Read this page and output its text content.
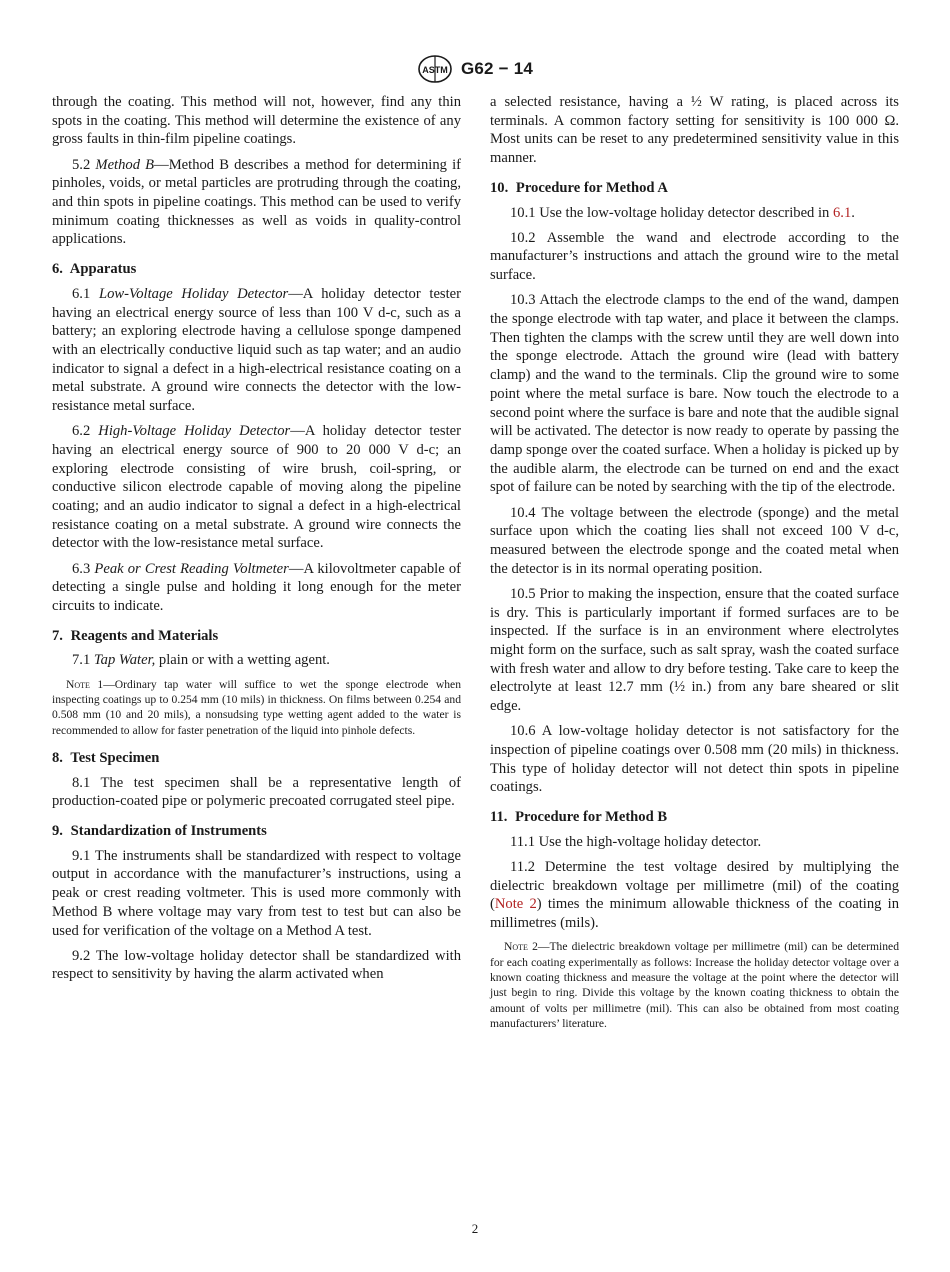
ASTM G62 − 14

through the coating. This method will not, however, find any thin spots in the coating. This method will determine the existence of any gross faults in thin-film pipeline coatings.

5.2 Method B—Method B describes a method for determining if pinholes, voids, or metal particles are protruding through the coating, and thin spots in pipeline coatings. This method can be used to verify minimum coating thicknesses as well as voids in quality-control applications.

6. Apparatus

6.1 Low-Voltage Holiday Detector—A holiday detector tester having an electrical energy source of less than 100 V d-c, such as a battery; an exploring electrode having a cellulose sponge dampened with an electrically conductive liquid such as tap water; and an audio indicator to signal a defect in a high-electrical resistance coating on a metal substrate. A ground wire connects the detector with the low-resistance metal surface.

6.2 High-Voltage Holiday Detector—A holiday detector tester having an electrical energy source of 900 to 20 000 V d-c; an exploring electrode consisting of wire brush, coil-spring, or conductive silicon electrode capable of moving along the pipeline coating; and an audio indicator to signal a defect in a high-electrical resistance coating on a metal substrate. A ground wire connects the detector with the low-resistance metal surface.

6.3 Peak or Crest Reading Voltmeter—A kilovoltmeter capable of detecting a single pulse and holding it long enough for the meter circuits to indicate.

7. Reagents and Materials

7.1 Tap Water, plain or with a wetting agent.

Note 1—Ordinary tap water will suffice to wet the sponge electrode when inspecting coatings up to 0.254 mm (10 mils) in thickness. On films between 0.254 and 0.508 mm (10 and 20 mils), a nonsudsing type wetting agent added to the water is recommended to allow for faster penetration of the liquid into pinhole defects.

8. Test Specimen

8.1 The test specimen shall be a representative length of production-coated pipe or polymeric precoated corrugated steel pipe.

9. Standardization of Instruments

9.1 The instruments shall be standardized with respect to voltage output in accordance with the manufacturer’s instructions, using a peak or crest reading voltmeter. This is used more commonly with Method B where voltage may vary from test to test but can also be used for verification of the voltage on a Method A test.

9.2 The low-voltage holiday detector shall be standardized with respect to sensitivity by having the alarm activated when

a selected resistance, having a ½ W rating, is placed across its terminals. A common factory setting for sensitivity is 100 000 Ω. Most units can be reset to any predetermined sensitivity value in this manner.

10. Procedure for Method A

10.1 Use the low-voltage holiday detector described in 6.1.

10.2 Assemble the wand and electrode according to the manufacturer’s instructions and attach the ground wire to the metal surface.

10.3 Attach the electrode clamps to the end of the wand, dampen the sponge electrode with tap water, and place it between the clamps. Then tighten the clamps with the screw until they are well down into the sponge electrode. Attach the ground wire (lead with battery clamp) and the wand to the terminals. Clip the ground wire to some point where the metal surface is bare. Now touch the electrode to a second point where the surface is bare and note that the audible signal will be activated. The detector is now ready to operate by passing the damp sponge over the coated surface. When a holiday is picked up by the audible alarm, the electrode can be turned on end and the exact spot of failure can be noted by searching with the tip of the electrode.

10.4 The voltage between the electrode (sponge) and the metal surface upon which the coating lies shall not exceed 100 V d-c, measured between the electrode sponge and the coated metal when the detector is in its normal operating position.

10.5 Prior to making the inspection, ensure that the coated surface is dry. This is particularly important if formed surfaces are to be inspected. If the surface is in an environment where electrolytes might form on the surface, such as salt spray, wash the coated surface with fresh water and allow to dry before testing. Take care to keep the electrolyte at least 12.7 mm (½ in.) from any bare sheared or slit edge.

10.6 A low-voltage holiday detector is not satisfactory for the inspection of pipeline coatings over 0.508 mm (20 mils) in thickness. This type of holiday detector will not detect thin spots in pipeline coatings.

11. Procedure for Method B

11.1 Use the high-voltage holiday detector.

11.2 Determine the test voltage desired by multiplying the dielectric breakdown voltage per millimetre (mil) of the coating (Note 2) times the minimum allowable thickness of the coating in millimetres (mils).

Note 2—The dielectric breakdown voltage per millimetre (mil) can be determined for each coating experimentally as follows: Increase the holiday detector voltage over a known coating thickness and measure the voltage at the point where the detector will just begin to ring. Divide this voltage by the known coating thickness to obtain the amount of volts per millimetre (mil). This can also be obtained from most coating manufacturers’ literature.

2
